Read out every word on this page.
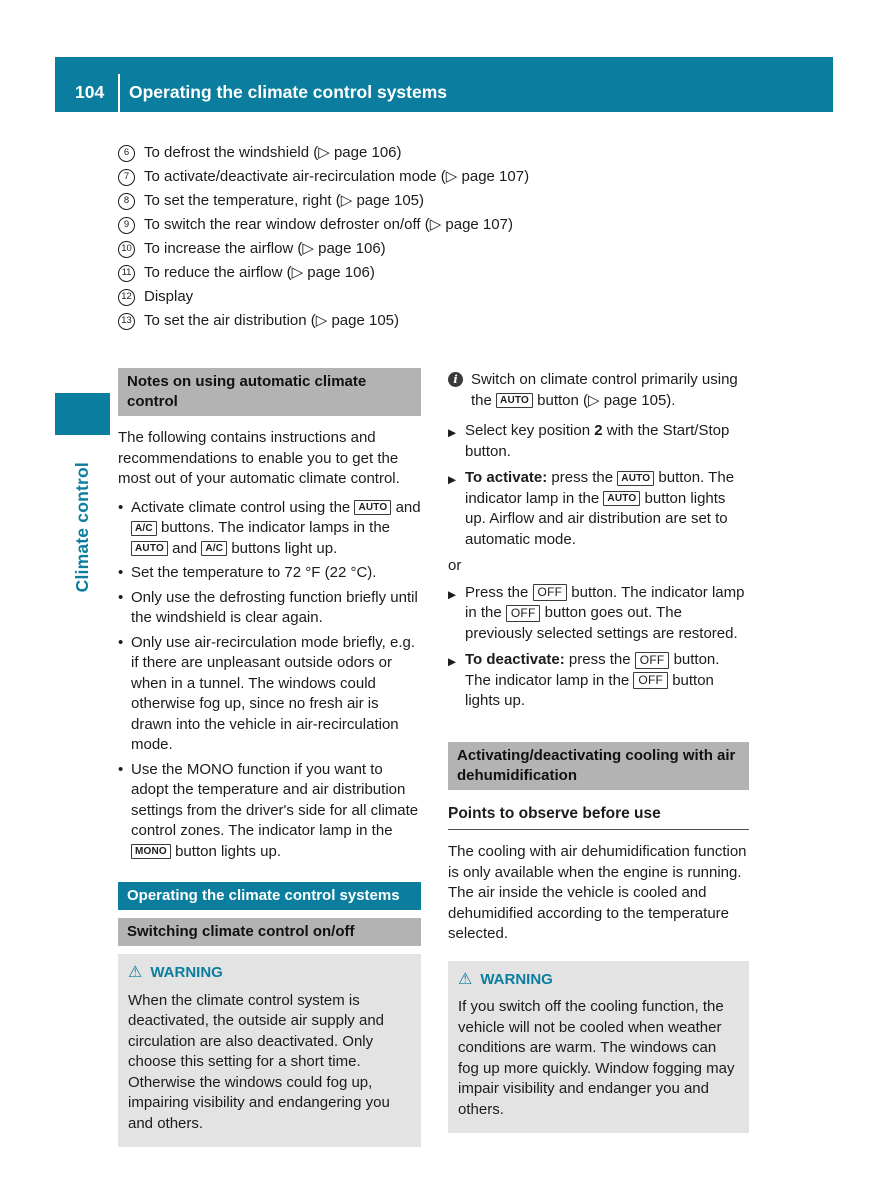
104 Operating the climate control systems
Climate control
6 To defrost the windshield (▷ page 106)
7 To activate/deactivate air-recirculation mode (▷ page 107)
8 To set the temperature, right (▷ page 105)
9 To switch the rear window defroster on/off (▷ page 107)
10 To increase the airflow (▷ page 106)
11 To reduce the airflow (▷ page 106)
12 Display
13 To set the air distribution (▷ page 105)
Notes on using automatic climate control

The following contains instructions and recommendations to enable you to get the most out of your automatic climate control.

• Activate climate control using the AUTO and A/C buttons. The indicator lamps in the AUTO and A/C buttons light up.
• Set the temperature to 72 °F (22 °C).
• Only use the defrosting function briefly until the windshield is clear again.
• Only use air-recirculation mode briefly, e.g. if there are unpleasant outside odors or when in a tunnel. The windows could otherwise fog up, since no fresh air is drawn into the vehicle in air-recirculation mode.
• Use the MONO function if you want to adopt the temperature and air distribution settings from the driver's side for all climate control zones. The indicator lamp in the MONO button lights up.
Operating the climate control systems
Switching climate control on/off
⚠ WARNING

When the climate control system is deactivated, the outside air supply and circulation are also deactivated. Only choose this setting for a short time. Otherwise the windows could fog up, impairing visibility and endangering you and others.

i Switch on climate control primarily using the AUTO button (▷ page 105).

▶ Select key position 2 with the Start/Stop button.
▶ To activate: press the AUTO button. The indicator lamp in the AUTO button lights up. Airflow and air distribution are set to automatic mode.
or
▶ Press the OFF button. The indicator lamp in the OFF button goes out. The previously selected settings are restored.
▶ To deactivate: press the OFF button. The indicator lamp in the OFF button lights up.
Activating/deactivating cooling with air dehumidification
Points to observe before use

The cooling with air dehumidification function is only available when the engine is running. The air inside the vehicle is cooled and dehumidified according to the temperature selected.

⚠ WARNING

If you switch off the cooling function, the vehicle will not be cooled when weather conditions are warm. The windows can fog up more quickly. Window fogging may impair visibility and endanger you and others.
